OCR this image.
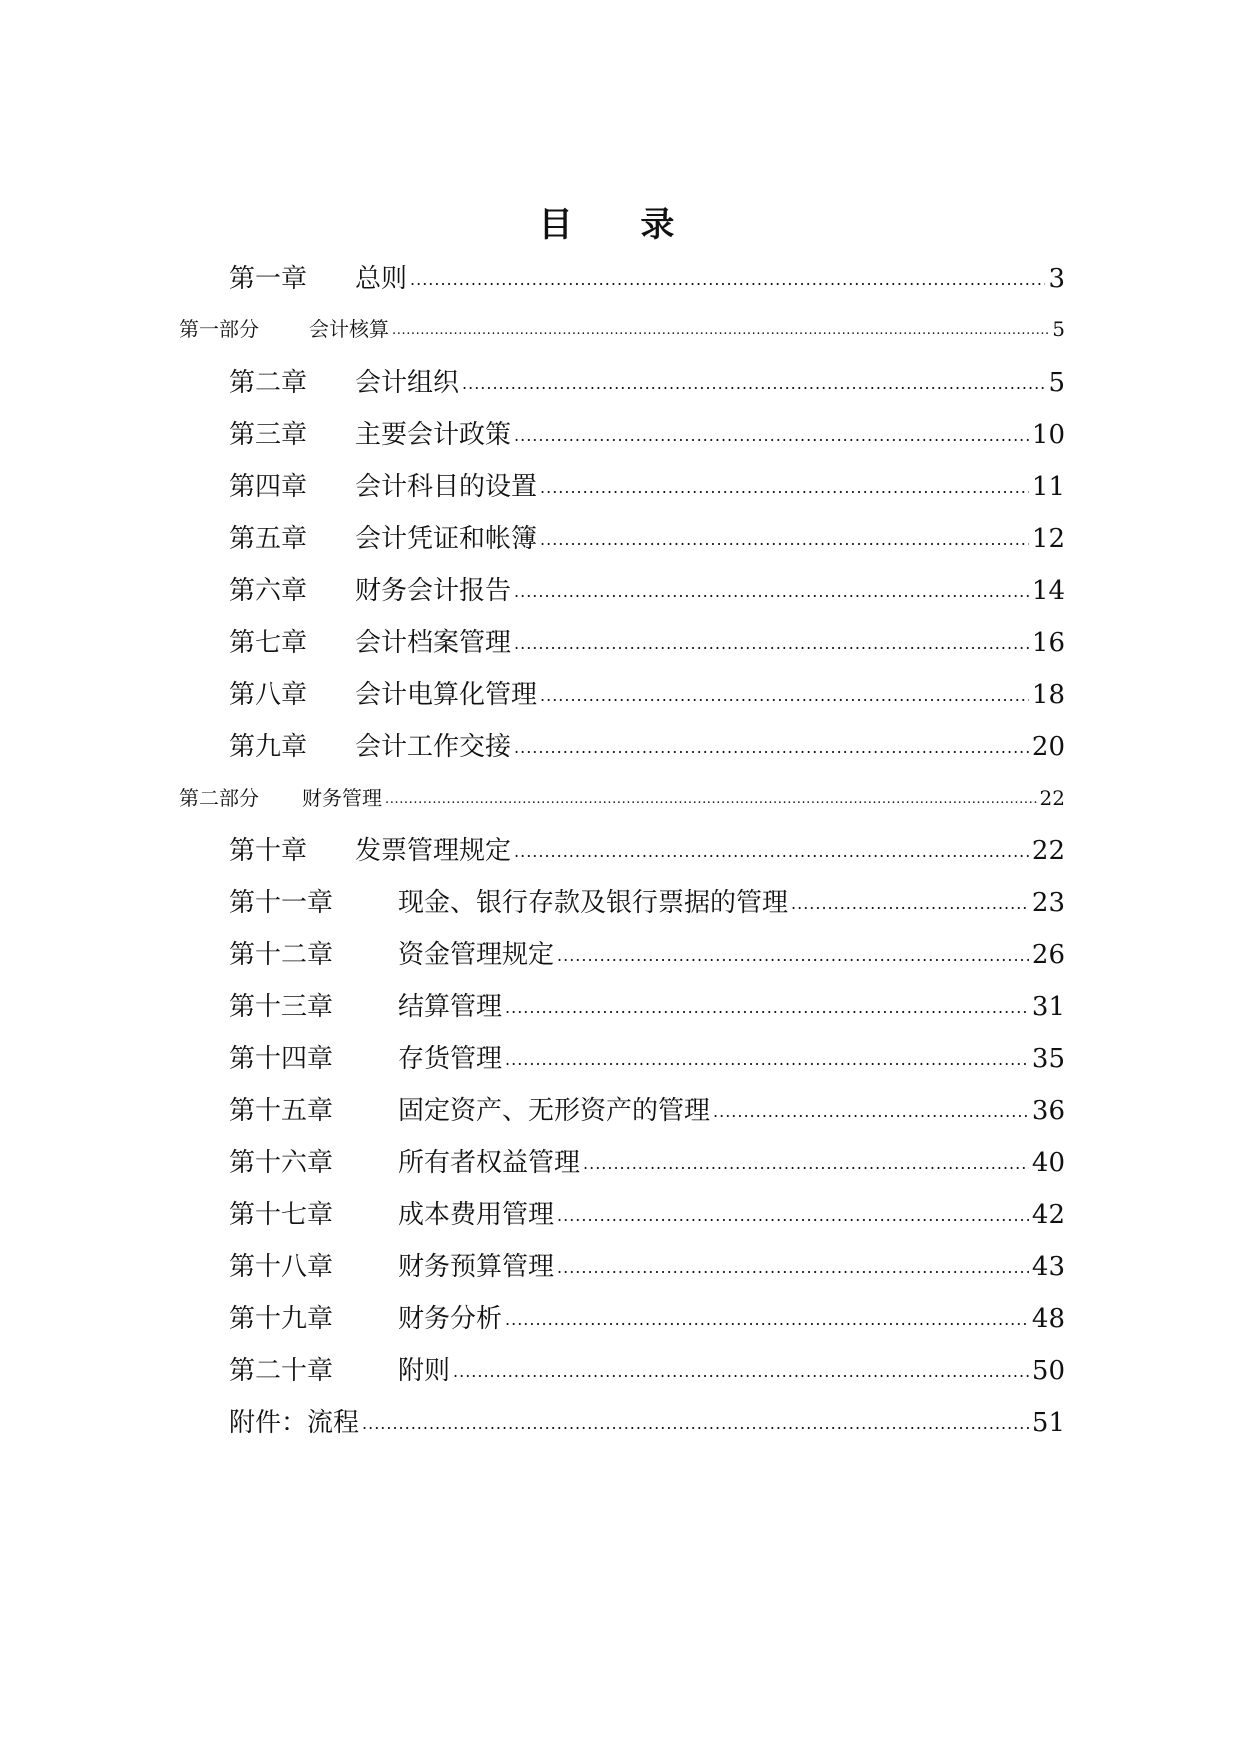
目 录
第一章	总则 .....	3
第一部分	会计核算 .....	5
第二章	会计组织 .....	5
第三章	主要会计政策 .....	10
第四章	会计科目的设置 .....	11
第五章	会计凭证和帐簿 .....	12
第六章	财务会计报告 .....	14
第七章	会计档案管理 .....	16
第八章	会计电算化管理 .....	18
第九章	会计工作交接 .....	20
第二部分	财务管理 .....	22
第十章	发票管理规定 .....	22
第十一章	现金、银行存款及银行票据的管理 .....	23
第十二章	资金管理规定 .....	26
第十三章	结算管理 .....	31
第十四章	存货管理 .....	35
第十五章	固定资产、无形资产的管理 .....	36
第十六章	所有者权益管理 .....	40
第十七章	成本费用管理 .....	42
第十八章	财务预算管理 .....	43
第十九章	财务分析 .....	48
第二十章	附则 .....	50
附件：流程 .....	51
